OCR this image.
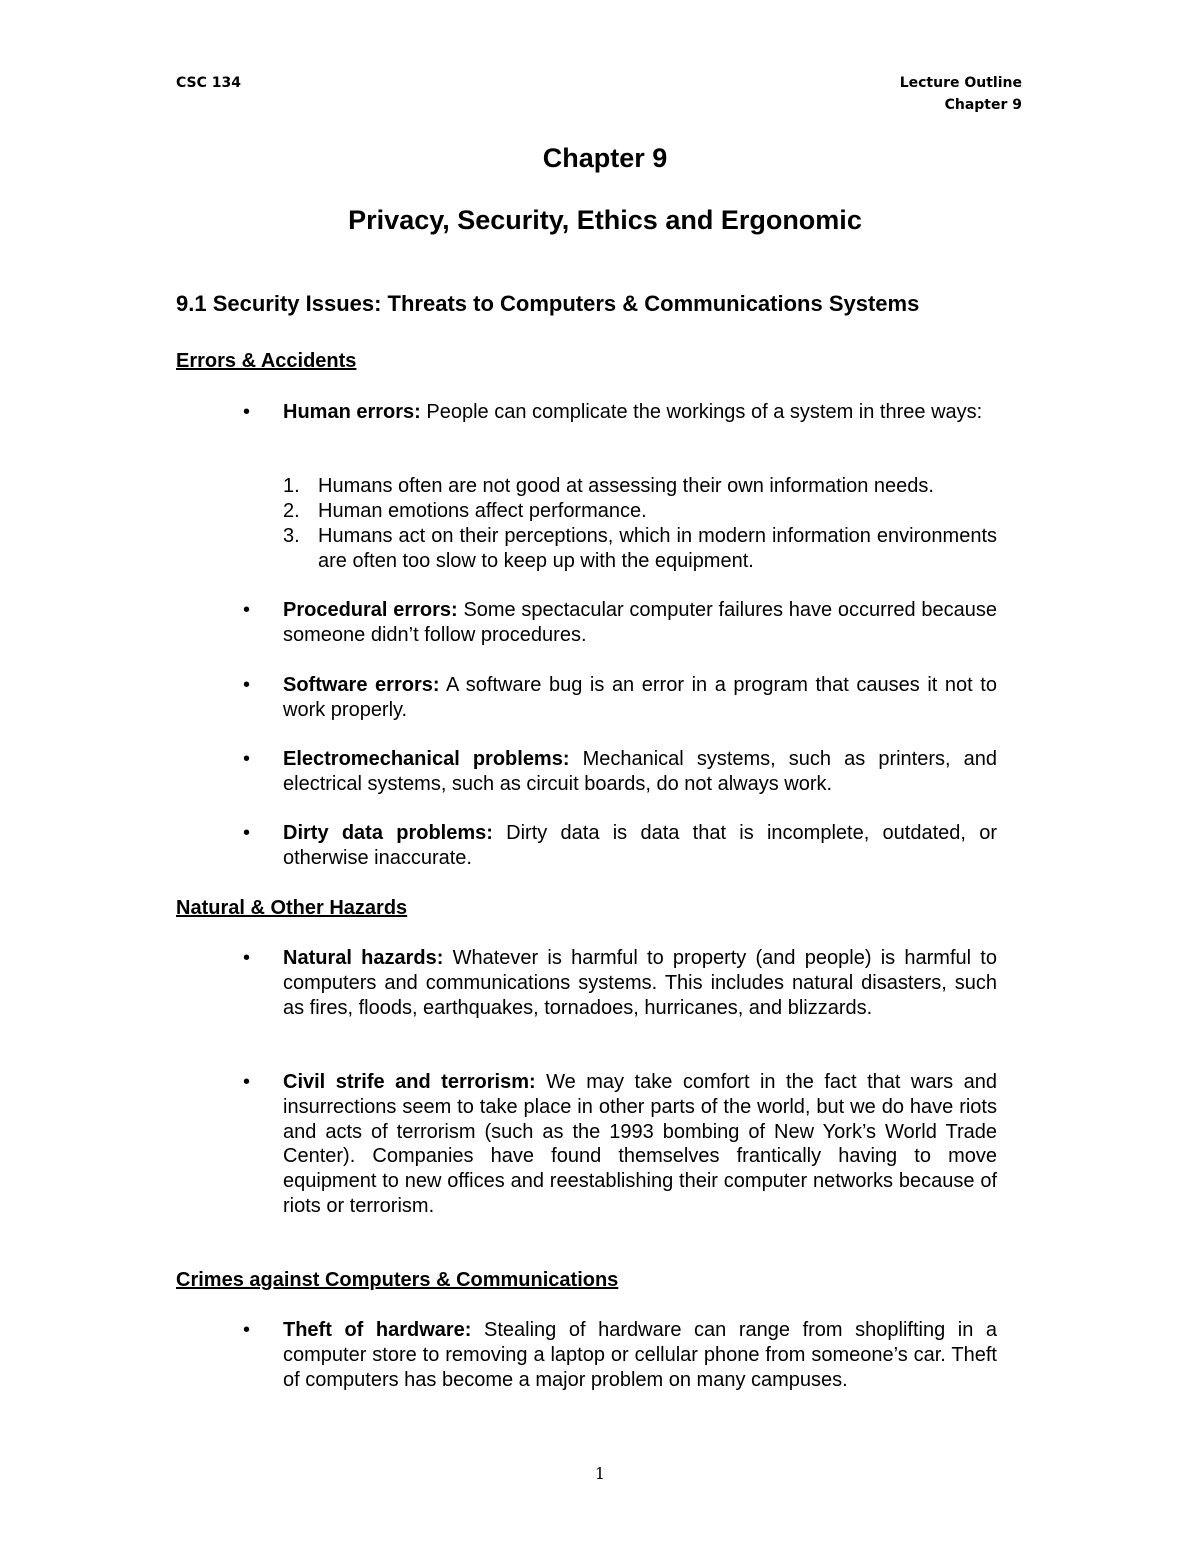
CSC 134	Lecture Outline
Chapter 9
Chapter 9
Privacy, Security, Ethics and Ergonomic
9.1 Security Issues: Threats to Computers & Communications Systems
Errors & Accidents
• Human errors: People can complicate the workings of a system in three ways:
1. Humans often are not good at assessing their own information needs.
2. Human emotions affect performance.
3. Humans act on their perceptions, which in modern information environments are often too slow to keep up with the equipment.
• Procedural errors: Some spectacular computer failures have occurred because someone didn’t follow procedures.
• Software errors: A software bug is an error in a program that causes it not to work properly.
• Electromechanical problems: Mechanical systems, such as printers, and electrical systems, such as circuit boards, do not always work.
• Dirty data problems: Dirty data is data that is incomplete, outdated, or otherwise inaccurate.
Natural & Other Hazards
• Natural hazards: Whatever is harmful to property (and people) is harmful to computers and communications systems. This includes natural disasters, such as fires, floods, earthquakes, tornadoes, hurricanes, and blizzards.
• Civil strife and terrorism: We may take comfort in the fact that wars and insurrections seem to take place in other parts of the world, but we do have riots and acts of terrorism (such as the 1993 bombing of New York’s World Trade Center). Companies have found themselves frantically having to move equipment to new offices and reestablishing their computer networks because of riots or terrorism.
Crimes against Computers & Communications
• Theft of hardware: Stealing of hardware can range from shoplifting in a computer store to removing a laptop or cellular phone from someone’s car. Theft of computers has become a major problem on many campuses.
1
